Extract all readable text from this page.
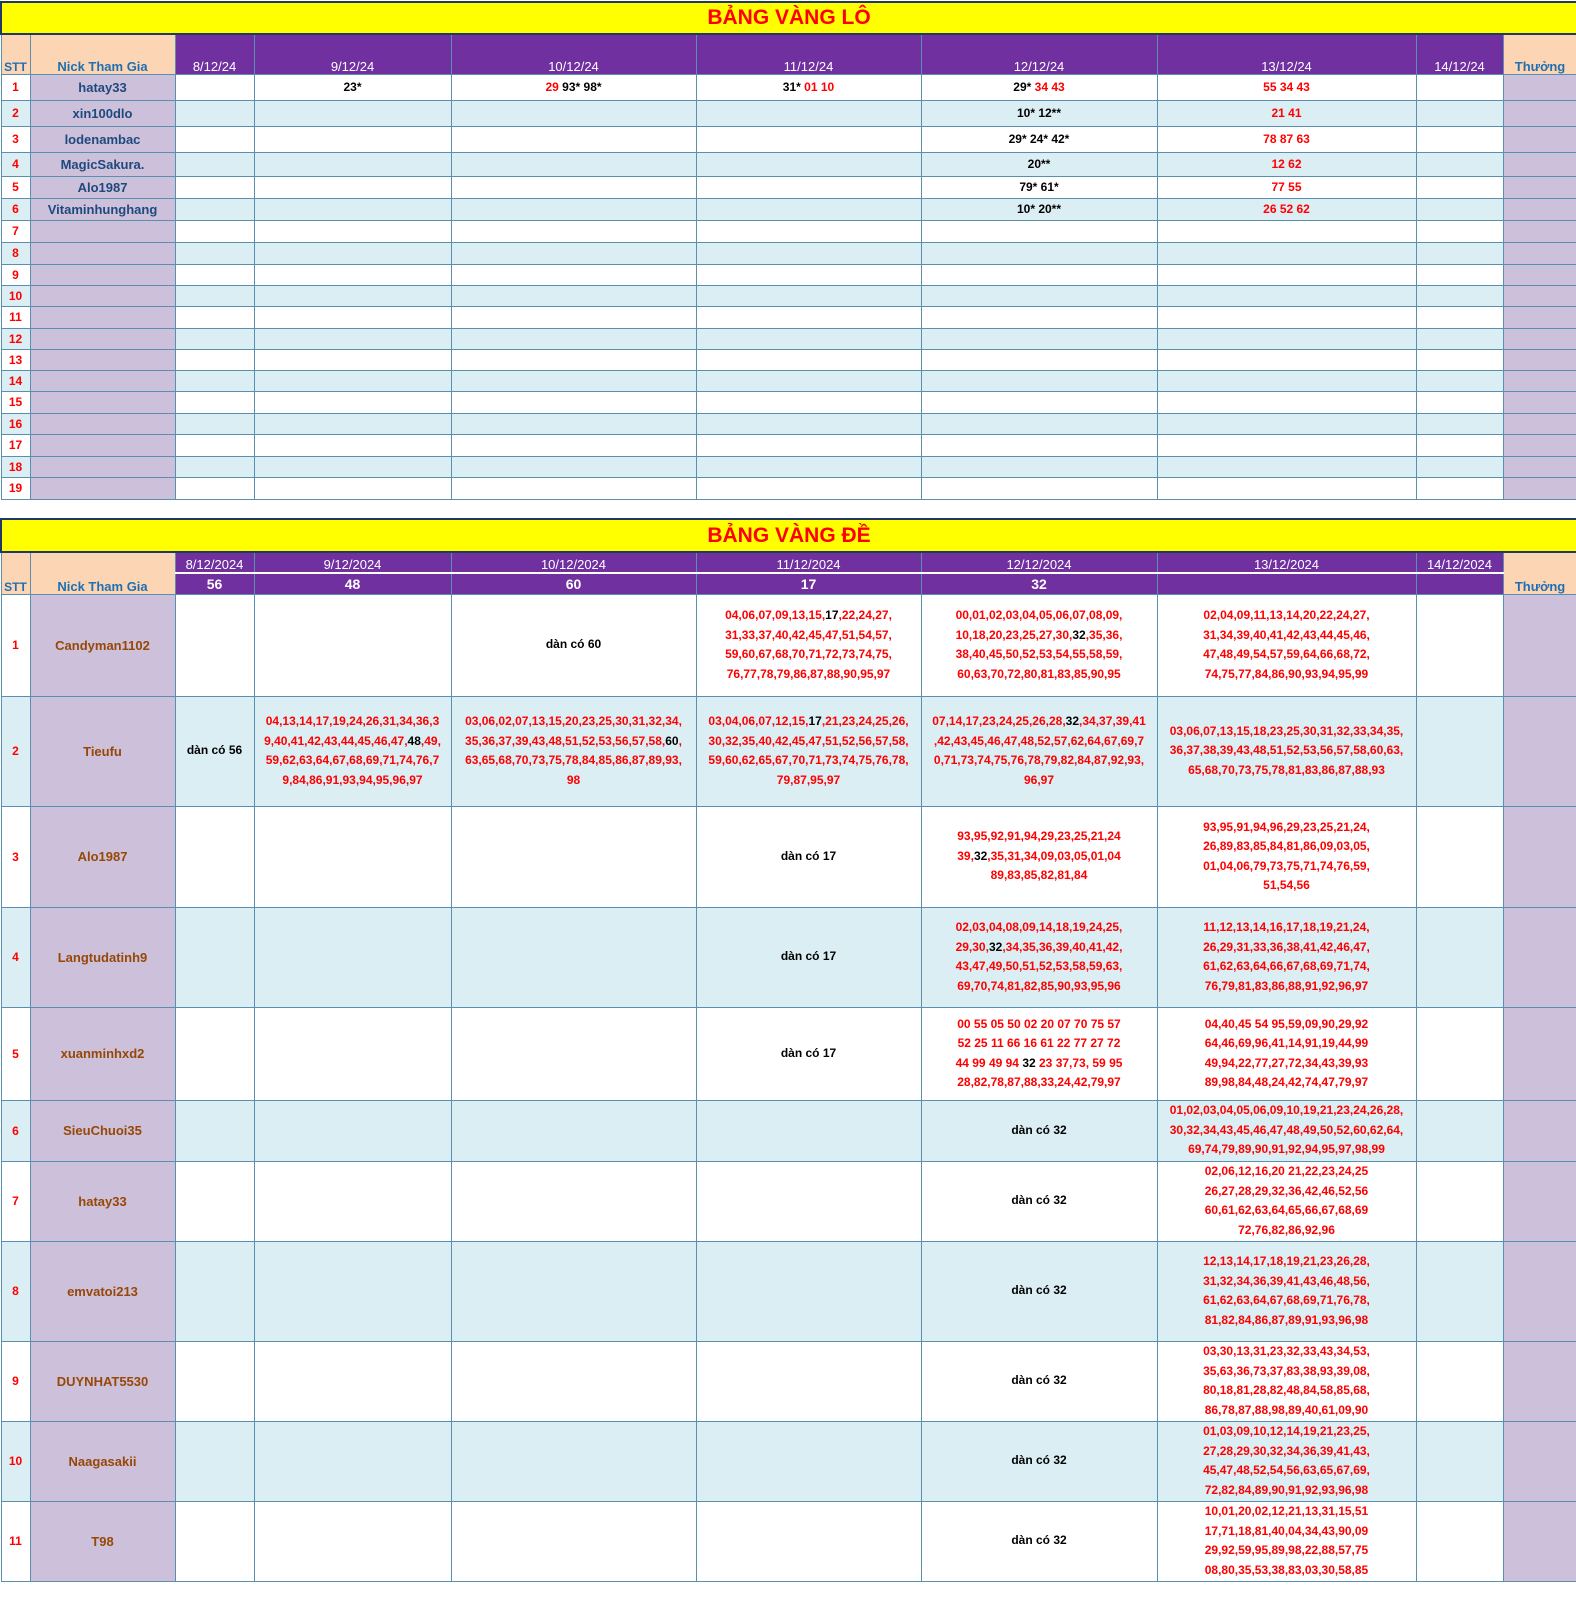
BẢNG VÀNG LÔ									
STT	Nick Tham Gia	8/12/24	9/12/24	10/12/24	11/12/24	12/12/24	13/12/24	14/12/24	Thưởng
1	hatay33		23*	29 93* 98*	31* 01 10	29* 34 43	55 34 43		
2	xin100dlo					10* 12**	21 41		
3	lodenambac					29* 24* 42*	78 87 63		
4	MagicSakura.					20**	12 62		
5	Alo1987					79* 61*	77 55		
6	Vitaminhunghang					10* 20**	26 52 62		
7									
8									
9									
10									
11									
12									
13									
14									
15									
16									
17									
18									
19									
BẢNG VÀNG ĐỀ									
STT	Nick Tham Gia	8/12/2024	9/12/2024	10/12/2024	11/12/2024	12/12/2024	13/12/2024	14/12/2024	Thưởng
		56	48	60	17	32			
1	Candyman1102			dàn có 60	04,06,07,09,13,15,17,22,24,27,
31,33,37,40,42,45,47,51,54,57,
59,60,67,68,70,71,72,73,74,75,
76,77,78,79,86,87,88,90,95,97	00,01,02,03,04,05,06,07,08,09,
10,18,20,23,25,27,30,32,35,36,
38,40,45,50,52,53,54,55,58,59,
60,63,70,72,80,81,83,85,90,95	02,04,09,11,13,14,20,22,24,27,
31,34,39,40,41,42,43,44,45,46,
47,48,49,54,57,59,64,66,68,72,
74,75,77,84,86,90,93,94,95,99		
2	Tieufu	dàn có 56	04,13,14,17,19,24,26,31,34,36,3
9,40,41,42,43,44,45,46,47,48,49,
59,62,63,64,67,68,69,71,74,76,7
9,84,86,91,93,94,95,96,97	03,06,02,07,13,15,20,23,25,30,31,32,34,
35,36,37,39,43,48,51,52,53,56,57,58,60,
63,65,68,70,73,75,78,84,85,86,87,89,93,
98	03,04,06,07,12,15,17,21,23,24,25,26,
30,32,35,40,42,45,47,51,52,56,57,58,
59,60,62,65,67,70,71,73,74,75,76,78,
79,87,95,97	07,14,17,23,24,25,26,28,32,34,37,39,41
,42,43,45,46,47,48,52,57,62,64,67,69,7
0,71,73,74,75,76,78,79,82,84,87,92,93,
96,97	03,06,07,13,15,18,23,25,30,31,32,33,34,35,
36,37,38,39,43,48,51,52,53,56,57,58,60,63,
65,68,70,73,75,78,81,83,86,87,88,93		
3	Alo1987				dàn có 17	93,95,92,91,94,29,23,25,21,24
39,32,35,31,34,09,03,05,01,04
89,83,85,82,81,84	93,95,91,94,96,29,23,25,21,24,
26,89,83,85,84,81,86,09,03,05,
01,04,06,79,73,75,71,74,76,59,
51,54,56		
4	Langtudatinh9				dàn có 17	02,03,04,08,09,14,18,19,24,25,
29,30,32,34,35,36,39,40,41,42,
43,47,49,50,51,52,53,58,59,63,
69,70,74,81,82,85,90,93,95,96	11,12,13,14,16,17,18,19,21,24,
26,29,31,33,36,38,41,42,46,47,
61,62,63,64,66,67,68,69,71,74,
76,79,81,83,86,88,91,92,96,97		
5	xuanminhxd2				dàn có 17	00 55 05 50 02 20 07 70 75 57
52 25 11 66 16 61 22 77 27 72
44 99 49 94 32 23 37,73, 59 95
28,82,78,87,88,33,24,42,79,97	04,40,45 54 95,59,09,90,29,92
64,46,69,96,41,14,91,19,44,99
49,94,22,77,27,72,34,43,39,93
89,98,84,48,24,42,74,47,79,97		
6	SieuChuoi35					dàn có 32	01,02,03,04,05,06,09,10,19,21,23,24,26,28,
30,32,34,43,45,46,47,48,49,50,52,60,62,64,
69,74,79,89,90,91,92,94,95,97,98,99		
7	hatay33					dàn có 32	02,06,12,16,20 21,22,23,24,25
26,27,28,29,32,36,42,46,52,56
60,61,62,63,64,65,66,67,68,69
72,76,82,86,92,96		
8	emvatoi213					dàn có 32	12,13,14,17,18,19,21,23,26,28,
31,32,34,36,39,41,43,46,48,56,
61,62,63,64,67,68,69,71,76,78,
81,82,84,86,87,89,91,93,96,98		
9	DUYNHAT5530					dàn có 32	03,30,13,31,23,32,33,43,34,53,
35,63,36,73,37,83,38,93,39,08,
80,18,81,28,82,48,84,58,85,68,
86,78,87,88,98,89,40,61,09,90		
10	Naagasakii					dàn có 32	01,03,09,10,12,14,19,21,23,25,
27,28,29,30,32,34,36,39,41,43,
45,47,48,52,54,56,63,65,67,69,
72,82,84,89,90,91,92,93,96,98		
11	T98					dàn có 32	10,01,20,02,12,21,13,31,15,51
17,71,18,81,40,04,34,43,90,09
29,92,59,95,89,98,22,88,57,75
08,80,35,53,38,83,03,30,58,85		
